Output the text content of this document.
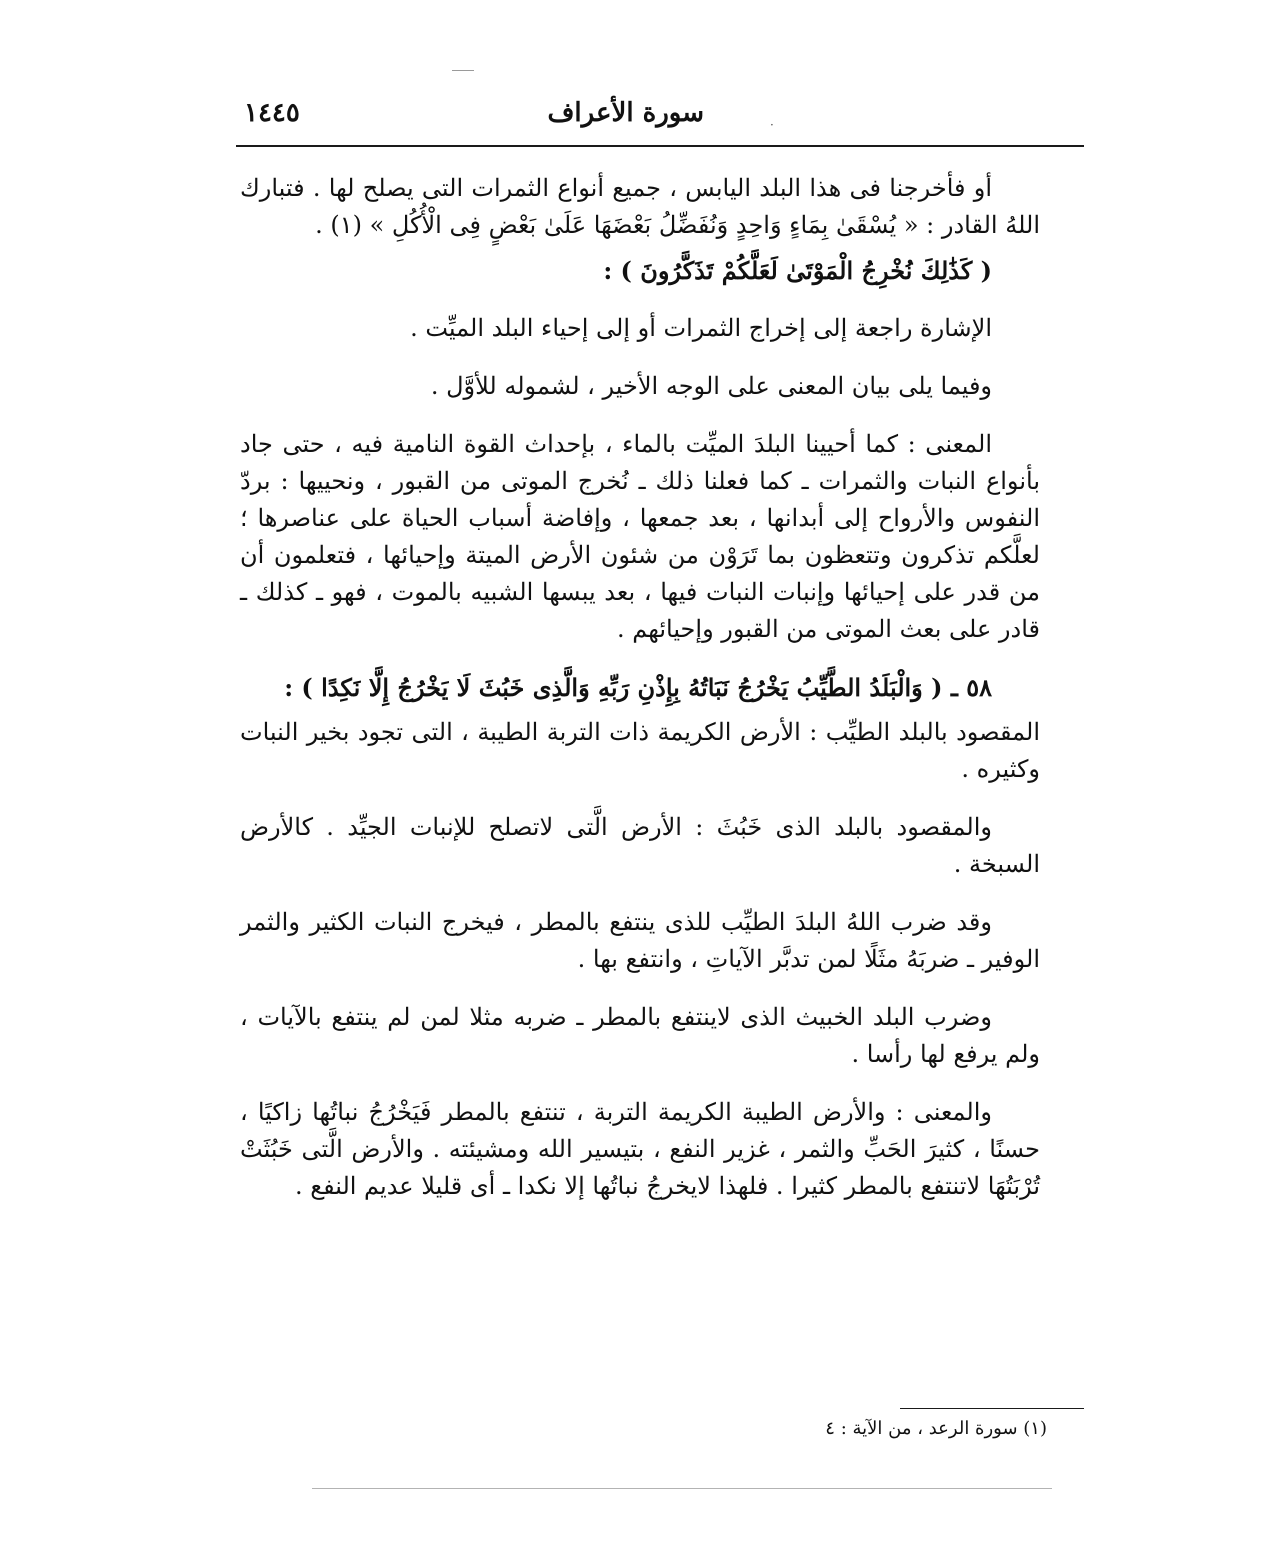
·
سورة الأعراف
١٤٤٥

أو فأخرجنا فى هذا البلد اليابس ، جميع أنواع الثمرات التى يصلح لها . فتبارك اللهُ القادر : « يُسْقَىٰ بِمَاءٍ وَاحِدٍ وَنُفَضِّلُ بَعْضَهَا عَلَىٰ بَعْضٍ فِى الْأُكُلِ » (١) .

( كَذَٰلِكَ نُخْرِجُ الْمَوْتَىٰ لَعَلَّكُمْ تَذَكَّرُونَ ) :

الإشارة راجعة إلى إخراج الثمرات أو إلى إحياء البلد الميِّت .

وفيما يلى بيان المعنى على الوجه الأخير ، لشموله للأوَّل .

المعنى : كما أحيينا البلدَ الميِّت بالماء ، بإحداث القوة النامية فيه ، حتى جاد بأنواع النبات والثمرات ـ كما فعلنا ذلك ـ نُخرج الموتى من القبور ، ونحييها : بردّ النفوس والأرواح إلى أبدانها ، بعد جمعها ، وإفاضة أسباب الحياة على عناصرها ؛ لعلَّكم تذكرون وتتعظون بما تَرَوْن من شئون الأرض الميتة وإحيائها ، فتعلمون أن من قدر على إحيائها وإنبات النبات فيها ، بعد يبسها الشبيه بالموت ، فهو ـ كذلك ـ قادر على بعث الموتى من القبور وإحيائهم .

٥٨ ـ ( وَالْبَلَدُ الطَّيِّبُ يَخْرُجُ نَبَاتُهُ بِإِذْنِ رَبِّهِ وَالَّذِى خَبُثَ لَا يَخْرُجُ إِلَّا نَكِدًا ) :

المقصود بالبلد الطيِّب : الأرض الكريمة ذات التربة الطيبة ، التى تجود بخير النبات وكثيره .

والمقصود بالبلد الذى خَبُثَ : الأرض الَّتى لاتصلح للإنبات الجيِّد . كالأرض السبخة .

وقد ضرب اللهُ البلدَ الطيِّب للذى ينتفع بالمطر ، فيخرج النبات الكثير والثمر الوفير ـ ضربَهُ مثَلًا لمن تدبَّر الآياتِ ، وانتفع بها .

وضرب البلد الخبيث الذى لاينتفع بالمطر ـ ضربه مثلا لمن لم ينتفع بالآيات ، ولم يرفع لها رأسا .

والمعنى : والأرض الطيبة الكريمة التربة ، تنتفع بالمطر فَيَخْرُجُ نباتُها زاكيًا ، حسنًا ، كثيرَ الحَبِّ والثمر ، غزير النفع ، بتيسير الله ومشيئته . والأرض الَّتى خَبُثَتْ تُرْبَتُهَا لاتنتفع بالمطر كثيرا . فلهذا لايخرجُ نباتُها إلا نكدا ـ أى قليلا عديم النفع .

(١) سورة الرعد ، من الآية : ٤
